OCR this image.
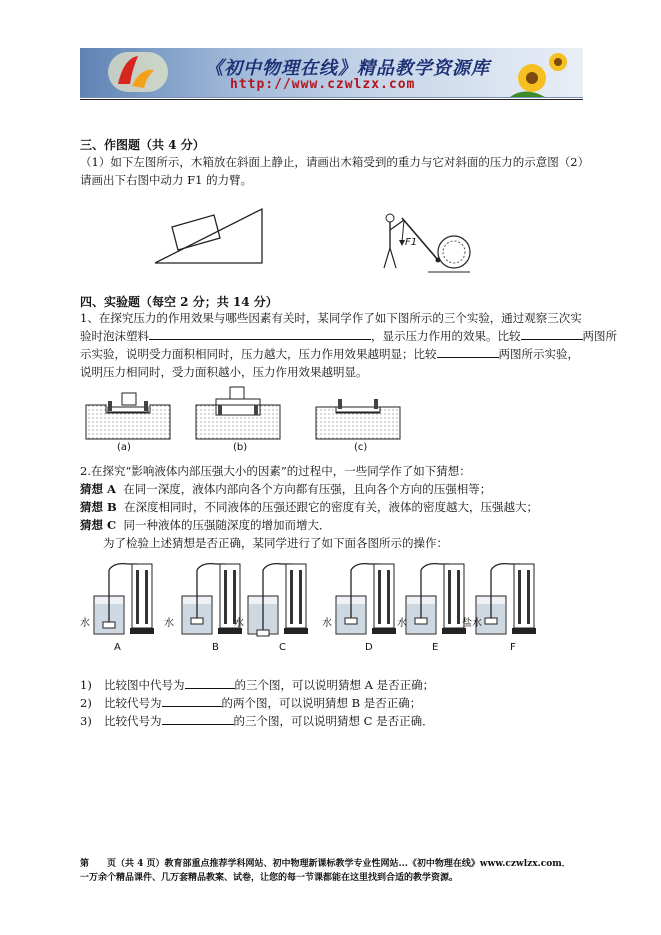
《初中物理在线》精品教学资源库
http://www.czwlzx.com
三、作图题（共 4 分）
（1）如下左图所示，木箱放在斜面上静止，请画出木箱受到的重力与它对斜面的压力的示意图（2）
请画出下右图中动力 F1 的力臂。
F1
四、实验题（每空 2 分；共 14 分）
1、在探究压力的作用效果与哪些因素有关时，某同学作了如下图所示的三个实验，通过观察三次实
验时泡沫塑料	，显示压力作用的效果。比较	两图所
示实验，说明受力面积相同时，压力越大，压力作用效果越明显；比较	两图所示实验，
说明压力相同时，受力面积越小，压力作用效果越明显。
(a)	(b)	(c)
2.在探究“影响液体内部压强大小的因素”的过程中，一些同学作了如下猜想：
猜想 A 在同一深度，液体内部向各个方向都有压强，且向各个方向的压强相等；
猜想 B 在深度相同时，不同液体的压强还跟它的密度有关，液体的密度越大，压强越大；
猜想 C 同一种液体的压强随深度的增加而增大．
为了检验上述猜想是否正确，某同学进行了如下面各图所示的操作：
A	B	C	D	E	F
水	水	水	水	水	盐水
1) 比较图中代号为	的三个图，可以说明猜想 A 是否正确；
2) 比较代号为	的两个图，可以说明猜想 B 是否正确；
3) 比较代号为	的三个图，可以说明猜想 C 是否正确．
第　　页（共 4 页）教育部重点推荐学科网站、初中物理新课标教学专业性网站...《初中物理在线》www.czwlzx.com．
一万余个精品课件、几万套精品教案、试卷，让您的每一节课都能在这里找到合适的教学资源。
